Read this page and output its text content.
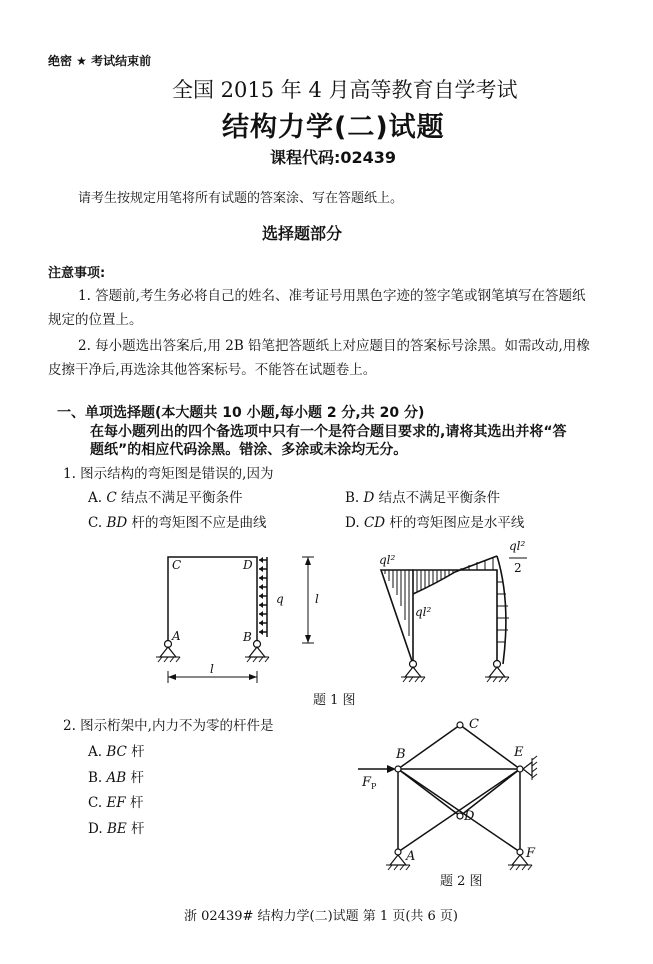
绝密 ★ 考试结束前
全国 2015 年 4 月高等教育自学考试
结构力学(二)试题
课程代码:02439
请考生按规定用笔将所有试题的答案涂、写在答题纸上。
选择题部分
注意事项:
1. 答题前,考生务必将自己的姓名、准考证号用黑色字迹的签字笔或钢笔填写在答题纸
规定的位置上。
2. 每小题选出答案后,用 2B 铅笔把答题纸上对应题目的答案标号涂黑。如需改动,用橡
皮擦干净后,再选涂其他答案标号。不能答在试题卷上。
一、单项选择题(本大题共 10 小题,每小题 2 分,共 20 分)
在每小题列出的四个备选项中只有一个是符合题目要求的,请将其选出并将“答
题纸”的相应代码涂黑。错涂、多涂或未涂均无分。
1. 图示结构的弯矩图是错误的,因为
A. C 结点不满足平衡条件	B. D 结点不满足平衡条件
C. BD 杆的弯矩图不应是曲线	D. CD 杆的弯矩图应是水平线
C	D
A	B
q	l
l
ql²
ql²
ql²
2
题 1 图
2. 图示桁架中,内力不为零的杆件是
A. BC 杆
B. AB 杆
C. EF 杆
D. BE 杆
B
C
E
D
A	F
F P
题 2 图
浙 02439# 结构力学(二)试题 第 1 页(共 6 页)
